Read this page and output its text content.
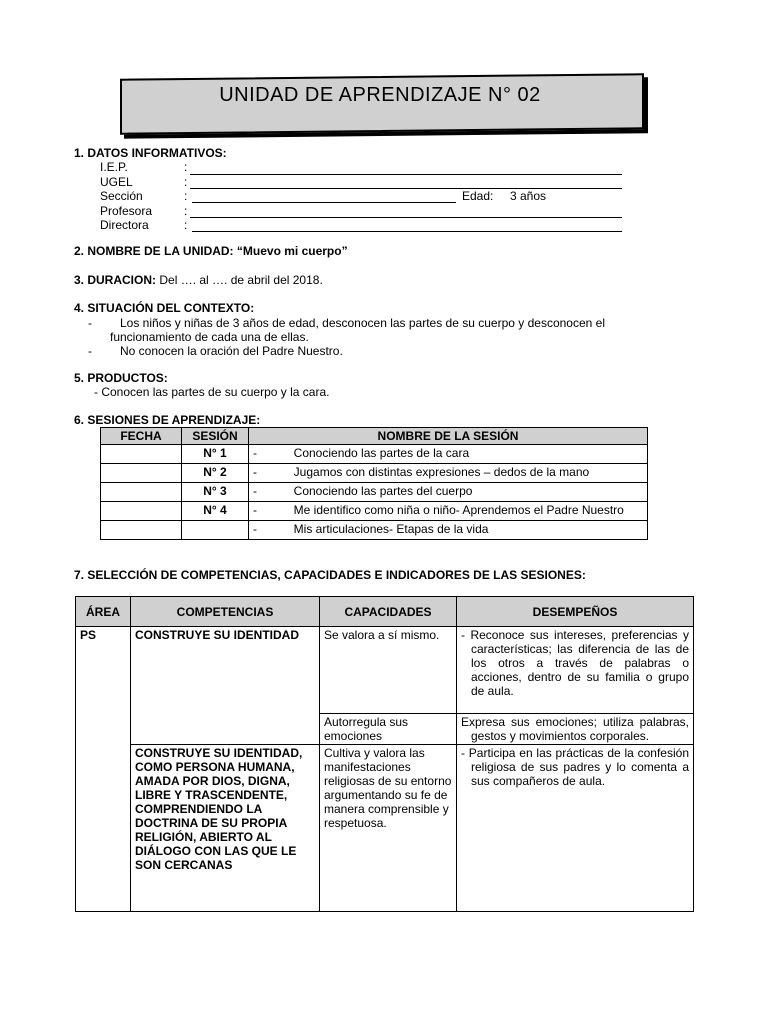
UNIDAD DE APRENDIZAJE N° 02
1. DATOS INFORMATIVOS:
I.E.P.	:
UGEL	:
Sección	:	Edad: 3 años
Profesora	:
Directora	:
2. NOMBRE DE LA UNIDAD: “Muevo mi cuerpo”
3. DURACION: Del …. al …. de abril del 2018.
4. SITUACIÓN DEL CONTEXTO:
-	Los niños y niñas de 3 años de edad, desconocen las partes de su cuerpo y desconocen el funcionamiento de cada una de ellas.
- No conocen la oración del Padre Nuestro.
5. PRODUCTOS:
- Conocen las partes de su cuerpo y la cara.
6. SESIONES DE APRENDIZAJE:
FECHA	SESIÓN	NOMBRE DE LA SESIÓN
	N° 1	-           Conociendo las partes de la cara
	N° 2	-           Jugamos con distintas expresiones – dedos de la mano
	N° 3	-           Conociendo las partes del cuerpo
	N° 4	-           Me identifico como niña o niño- Aprendemos el Padre Nuestro

		-           Mis articulaciones- Etapas de la vida
7. SELECCIÓN DE COMPETENCIAS, CAPACIDADES E INDICADORES DE LAS SESIONES:
ÁREA	COMPETENCIAS	CAPACIDADES	DESEMPEÑOS
PS	CONSTRUYE SU IDENTIDAD	Se valora a sí mismo.	- Reconoce sus intereses, preferencias y características; las diferencia de las de los otros a través de palabras o acciones, dentro de su familia o grupo de aula.
		Autorregula sus emociones	Expresa sus emociones; utiliza palabras, gestos y movimientos corporales.
	CONSTRUYE SU IDENTIDAD, COMO PERSONA HUMANA, AMADA POR DIOS, DIGNA, LIBRE Y TRASCENDENTE, COMPRENDIENDO LA DOCTRINA DE SU PROPIA RELIGIÓN, ABIERTO AL DIÁLOGO CON LAS QUE LE SON CERCANAS	Cultiva y valora las manifestaciones religiosas de su entorno argumentando su fe de manera comprensible y respetuosa.	- Participa en las prácticas de la confesión religiosa de sus padres y lo comenta a sus compañeros de aula.
